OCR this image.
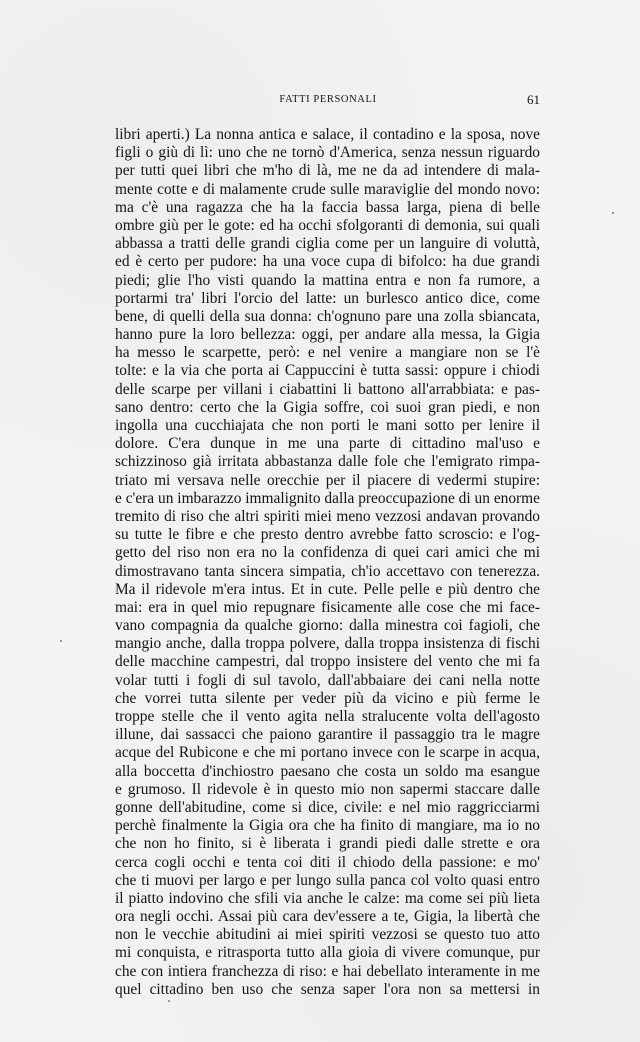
FATTI PERSONALI	61
libri aperti.) La nonna antica e salace, il contadino e la sposa, nove
figli o giù di lì: uno che ne tornò d'America, senza nessun riguardo
per tutti quei libri che m'ho di là, me ne da ad intendere di mala-
mente cotte e di malamente crude sulle maraviglie del mondo novo:
ma c'è una ragazza che ha la faccia bassa larga, piena di belle
ombre giù per le gote: ed ha occhi sfolgoranti di demonia, sui quali
abbassa a tratti delle grandi ciglia come per un languire di voluttà,
ed è certo per pudore: ha una voce cupa di bifolco: ha due grandi
piedi; glie l'ho visti quando la mattina entra e non fa rumore, a
portarmi tra' libri l'orcio del latte: un burlesco antico dice, come
bene, di quelli della sua donna: ch'ognuno pare una zolla sbiancata,
hanno pure la loro bellezza: oggi, per andare alla messa, la Gigia
ha messo le scarpette, però: e nel venire a mangiare non se l'è
tolte: e la via che porta ai Cappuccini è tutta sassi: oppure i chiodi
delle scarpe per villani i ciabattini li battono all'arrabbiata: e pas-
sano dentro: certo che la Gigia soffre, coi suoi gran piedi, e non
ingolla una cucchiajata che non porti le mani sotto per lenire il
dolore. C'era dunque in me una parte di cittadino mal'uso e
schizzinoso già irritata abbastanza dalle fole che l'emigrato rimpa-
triato mi versava nelle orecchie per il piacere di vedermi stupire:
e c'era un imbarazzo immalignito dalla preoccupazione di un enorme
tremito di riso che altri spiriti miei meno vezzosi andavan provando
su tutte le fibre e che presto dentro avrebbe fatto scroscio: e l'og-
getto del riso non era no la confidenza di quei cari amici che mi
dimostravano tanta sincera simpatia, ch'io accettavo con tenerezza.
Ma il ridevole m'era intus. Et in cute. Pelle pelle e più dentro che
mai: era in quel mio repugnare fisicamente alle cose che mi face-
vano compagnia da qualche giorno: dalla minestra coi fagioli, che
mangio anche, dalla troppa polvere, dalla troppa insistenza di fischi
delle macchine campestri, dal troppo insistere del vento che mi fa
volar tutti i fogli di sul tavolo, dall'abbaiare dei cani nella notte
che vorrei tutta silente per veder più da vicino e più ferme le
troppe stelle che il vento agita nella stralucente volta dell'agosto
illune, dai sassacci che paiono garantire il passaggio tra le magre
acque del Rubicone e che mi portano invece con le scarpe in acqua,
alla boccetta d'inchiostro paesano che costa un soldo ma esangue
e grumoso. Il ridevole è in questo mio non sapermi staccare dalle
gonne dell'abitudine, come si dice, civile: e nel mio raggricciarmi
perchè finalmente la Gigia ora che ha finito di mangiare, ma io no
che non ho finito, si è liberata i grandi piedi dalle strette e ora
cerca cogli occhi e tenta coi diti il chiodo della passione: e mo'
che ti muovi per largo e per lungo sulla panca col volto quasi entro
il piatto indovino che sfili via anche le calze: ma come sei più lieta
ora negli occhi. Assai più cara dev'essere a te, Gigia, la libertà che
non le vecchie abitudini ai miei spiriti vezzosi se questo tuo atto
mi conquista, e ritrasporta tutto alla gioia di vivere comunque, pur
che con intiera franchezza di riso: e hai debellato interamente in me
quel cittadino ben uso che senza saper l'ora non sa mettersi in
